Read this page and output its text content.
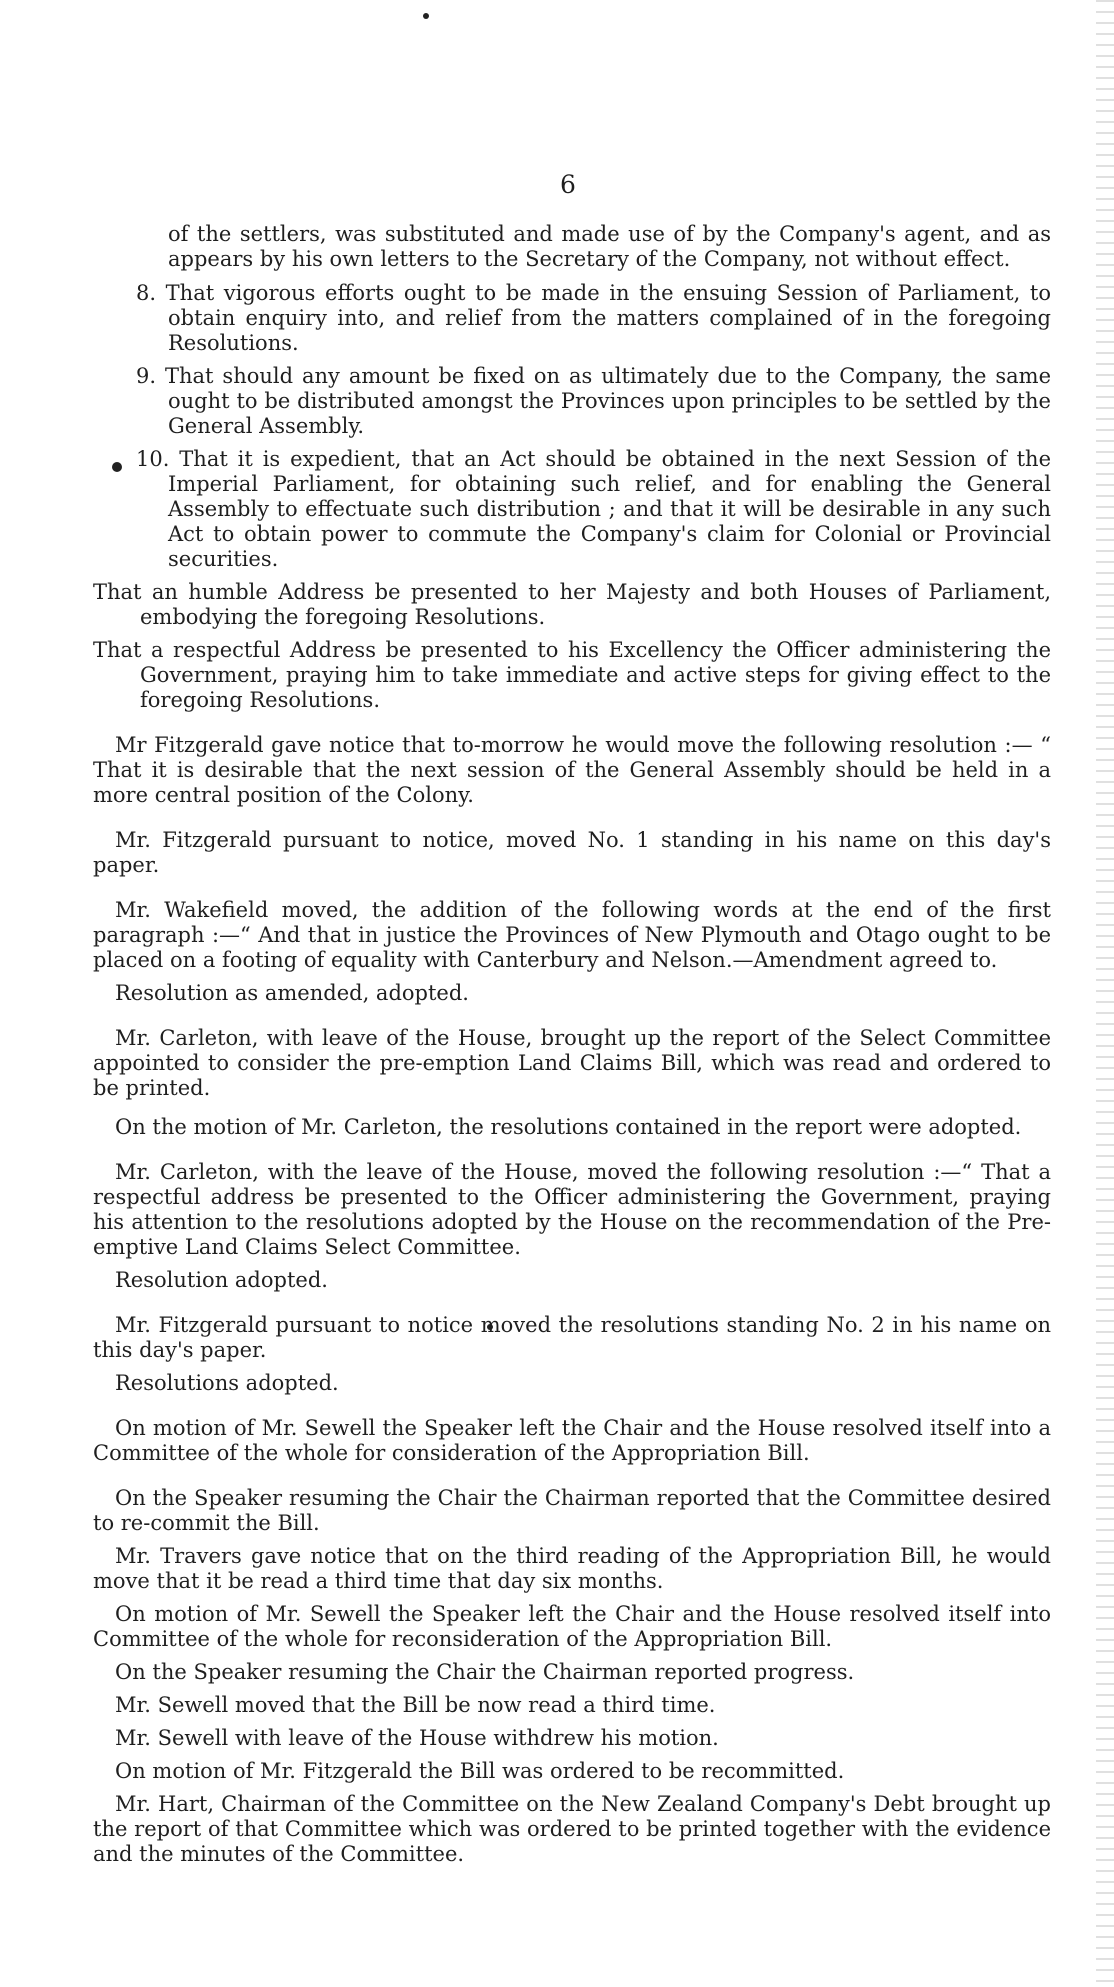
6

of the settlers, was substituted and made use of by the Company's agent, and as appears by his own letters to the Secretary of the Company, not without effect.

8. That vigorous efforts ought to be made in the ensuing Session of Parliament, to obtain enquiry into, and relief from the matters complained of in the foregoing Resolutions.

9. That should any amount be fixed on as ultimately due to the Company, the same ought to be distributed amongst the Provinces upon principles to be settled by the General Assembly.

10. That it is expedient, that an Act should be obtained in the next Session of the Imperial Parliament, for obtaining such relief, and for enabling the General Assembly to effectuate such distribution ; and that it will be desirable in any such Act to obtain power to commute the Company's claim for Colonial or Provincial securities.

That an humble Address be presented to her Majesty and both Houses of Parliament, embodying the foregoing Resolutions.

That a respectful Address be presented to his Excellency the Officer administering the Government, praying him to take immediate and active steps for giving effect to the foregoing Resolutions.

Mr Fitzgerald gave notice that to-morrow he would move the following resolution :— “ That it is desirable that the next session of the General Assembly should be held in a more central position of the Colony.

Mr. Fitzgerald pursuant to notice, moved No. 1 standing in his name on this day's paper.

Mr. Wakefield moved, the addition of the following words at the end of the first paragraph :—“ And that in justice the Provinces of New Plymouth and Otago ought to be placed on a footing of equality with Canterbury and Nelson.—Amendment agreed to.

Resolution as amended, adopted.

Mr. Carleton, with leave of the House, brought up the report of the Select Committee appointed to consider the pre-emption Land Claims Bill, which was read and ordered to be printed.

On the motion of Mr. Carleton, the resolutions contained in the report were adopted.

Mr. Carleton, with the leave of the House, moved the following resolution :—“ That a respectful address be presented to the Officer administering the Government, praying his attention to the resolutions adopted by the House on the recommendation of the Pre-emptive Land Claims Select Committee.

Resolution adopted.

Mr. Fitzgerald pursuant to notice moved the resolutions standing No. 2 in his name on this day's paper.

Resolutions adopted.

On motion of Mr. Sewell the Speaker left the Chair and the House resolved itself into a Committee of the whole for consideration of the Appropriation Bill.

On the Speaker resuming the Chair the Chairman reported that the Committee desired to re-commit the Bill.

Mr. Travers gave notice that on the third reading of the Appropriation Bill, he would move that it be read a third time that day six months.

On motion of Mr. Sewell the Speaker left the Chair and the House resolved itself into Committee of the whole for reconsideration of the Appropriation Bill.

On the Speaker resuming the Chair the Chairman reported progress.

Mr. Sewell moved that the Bill be now read a third time.

Mr. Sewell with leave of the House withdrew his motion.

On motion of Mr. Fitzgerald the Bill was ordered to be recommitted.

Mr. Hart, Chairman of the Committee on the New Zealand Company's Debt brought up the report of that Committee which was ordered to be printed together with the evidence and the minutes of the Committee.
